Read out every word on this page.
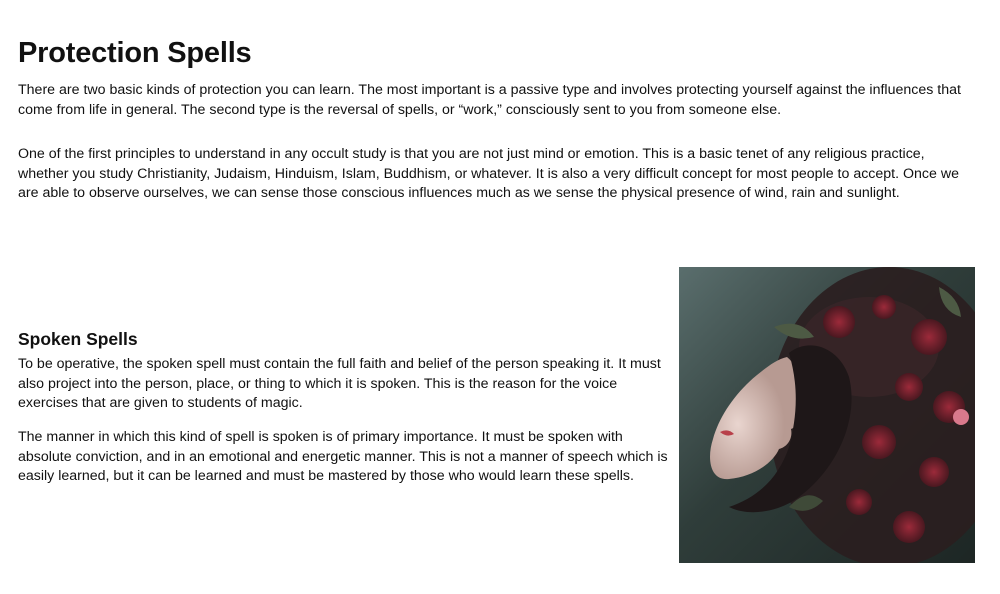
Protection Spells

There are two basic kinds of protection you can learn. The most important is a passive type and involves protecting yourself against the influences that come from life in general. The second type is the reversal of spells, or “work,” consciously sent to you from someone else.

One of the first principles to understand in any occult study is that you are not just mind or emotion. This is a basic tenet of any religious practice, whether you study Christianity, Judaism, Hinduism, Islam, Buddhism, or whatever. It is also a very difficult concept for most people to accept. Once we are able to observe ourselves, we can sense those conscious influences much as we sense the physical presence of wind, rain and sunlight.

Spoken Spells

To be operative, the spoken spell must contain the full faith and belief of the person speaking it. It must also project into the person, place, or thing to which it is spoken. This is the reason for the voice exercises that are given to students of magic.

The manner in which this kind of spell is spoken is of primary importance. It must be spoken with absolute conviction, and in an emotional and energetic manner. This is not a manner of speech which is easily learned, but it can be learned and must be mastered by those who would learn these spells.
